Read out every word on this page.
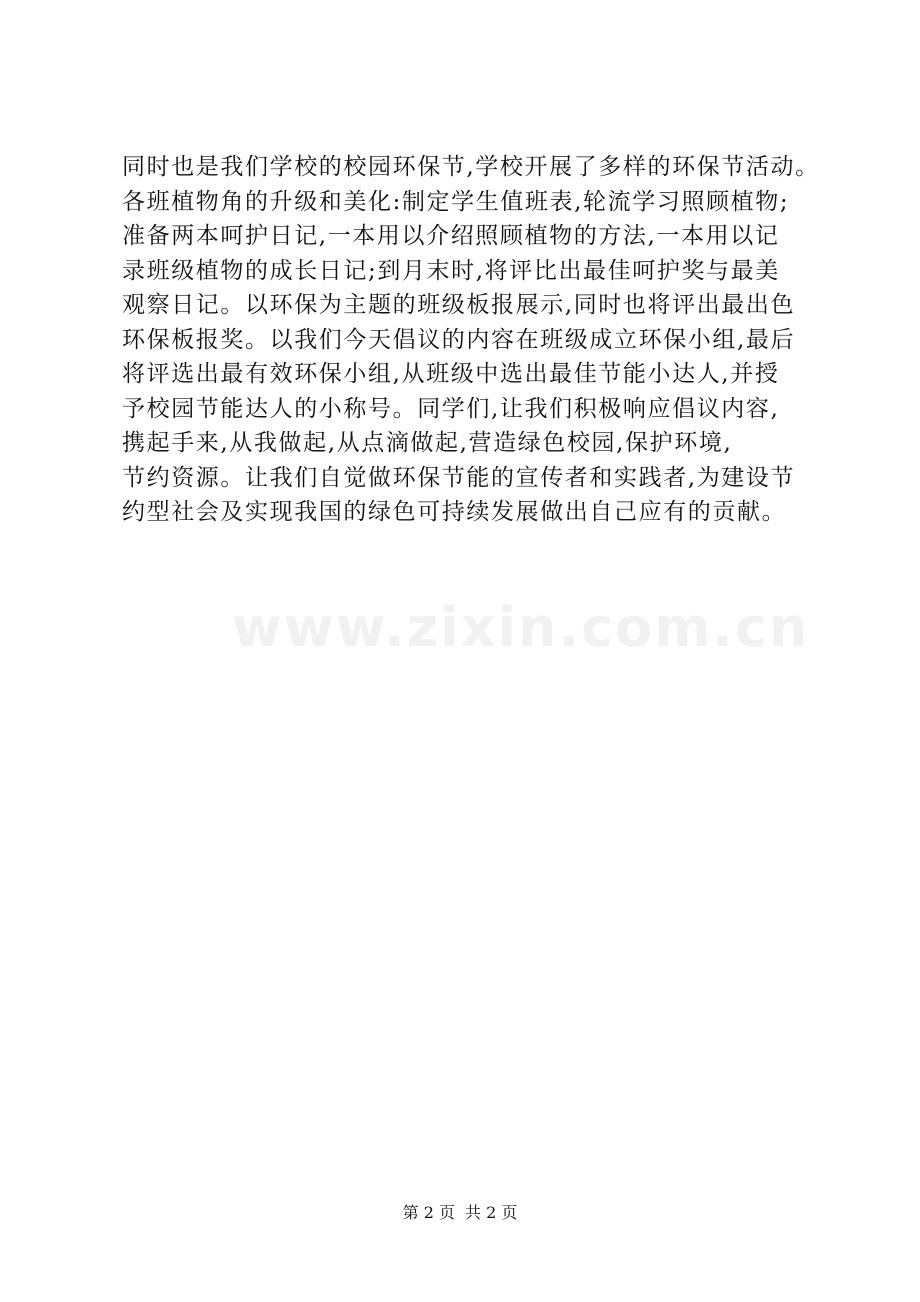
同时也是我们学校的校园环保节,学校开展了多样的环保节活动。
各班植物角的升级和美化:制定学生值班表,轮流学习照顾植物;
准备两本呵护日记,一本用以介绍照顾植物的方法,一本用以记
录班级植物的成长日记;到月末时,将评比出最佳呵护奖与最美
观察日记。以环保为主题的班级板报展示,同时也将评出最出色
环保板报奖。以我们今天倡议的内容在班级成立环保小组,最后
将评选出最有效环保小组,从班级中选出最佳节能小达人,并授
予校园节能达人的小称号。同学们,让我们积极响应倡议内容,
携起手来,从我做起,从点滴做起,营造绿色校园,保护环境,
节约资源。让我们自觉做环保节能的宣传者和实践者,为建设节
约型社会及实现我国的绿色可持续发展做出自己应有的贡献。
www.zixin.com.cn
第 2 页 共 2 页
